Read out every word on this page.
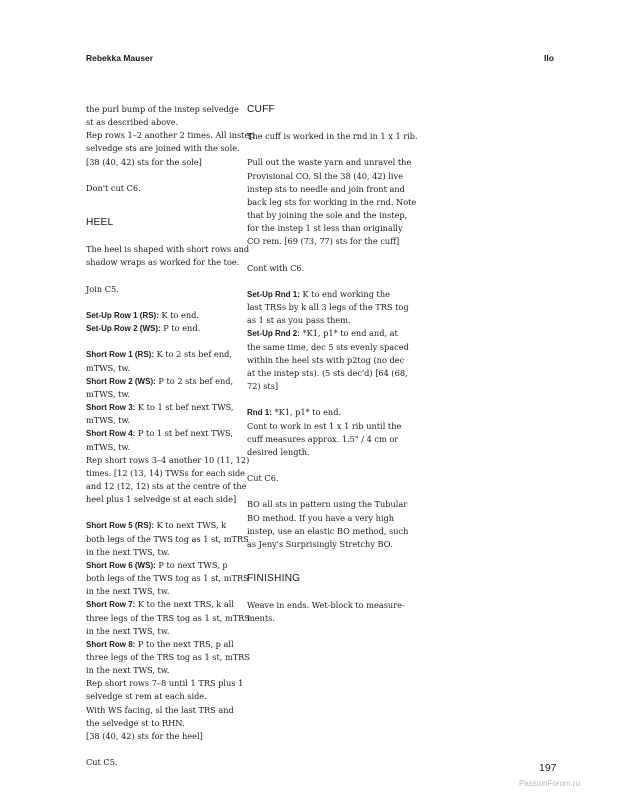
Rebekka Mauser	Ilo

the purl bump of the instep selvedge

st as described above.

Rep rows 1–2 another 2 times. All instep

selvedge sts are joined with the sole.

[38 (40, 42) sts for the sole]

Don't cut C6.

HEEL

The heel is shaped with short rows and

shadow wraps as worked for the toe.

Join C5.

Set-Up Row 1 (RS): K to end.

Set-Up Row 2 (WS): P to end.

Short Row 1 (RS): K to 2 sts bef end,

mTWS, tw.

Short Row 2 (WS): P to 2 sts bef end,

mTWS, tw.

Short Row 3: K to 1 st bef next TWS,

mTWS, tw.

Short Row 4: P to 1 st bef next TWS,

mTWS, tw.

Rep short rows 3–4 another 10 (11, 12)

times. [12 (13, 14) TWSs for each side

and 12 (12, 12) sts at the centre of the

heel plus 1 selvedge st at each side]

Short Row 5 (RS): K to next TWS, k

both legs of the TWS tog as 1 st, mTRS

in the next TWS, tw.

Short Row 6 (WS): P to next TWS, p

both legs of the TWS tog as 1 st, mTRS

in the next TWS, tw.

Short Row 7: K to the next TRS, k all

three legs of the TRS tog as 1 st, mTRS

in the next TWS, tw.

Short Row 8: P to the next TRS, p all

three legs of the TRS tog as 1 st, mTRS

in the next TWS, tw.

Rep short rows 7–8 until 1 TRS plus 1

selvedge st rem at each side.

With WS facing, sl the last TRS and

the selvedge st to RHN.

[38 (40, 42) sts for the heel]

Cut C5.

CUFF

The cuff is worked in the rnd in 1 x 1 rib.

Pull out the waste yarn and unravel the

Provisional CO. Sl the 38 (40, 42) live

instep sts to needle and join front and

back leg sts for working in the rnd. Note

that by joining the sole and the instep,

for the instep 1 st less than originally

CO rem. [69 (73, 77) sts for the cuff]

Cont with C6.

Set-Up Rnd 1: K to end working the

last TRSs by k all 3 legs of the TRS tog

as 1 st as you pass them.

Set-Up Rnd 2: *K1, p1* to end and, at

the same time, dec 5 sts evenly spaced

within the heel sts with p2tog (no dec

at the instep sts). (5 sts dec'd) [64 (68,

72) sts]

Rnd 1: *K1, p1* to end.

Cont to work in est 1 x 1 rib until the

cuff measures approx. 1.5" / 4 cm or

desired length.

Cut C6.

BO all sts in pattern using the Tubular

BO method. If you have a very high

instep, use an elastic BO method, such

as Jeny's Surprisingly Stretchy BO.

FINISHING

Weave in ends. Wet-block to measure-

ments.

197
PassionForum.ru
